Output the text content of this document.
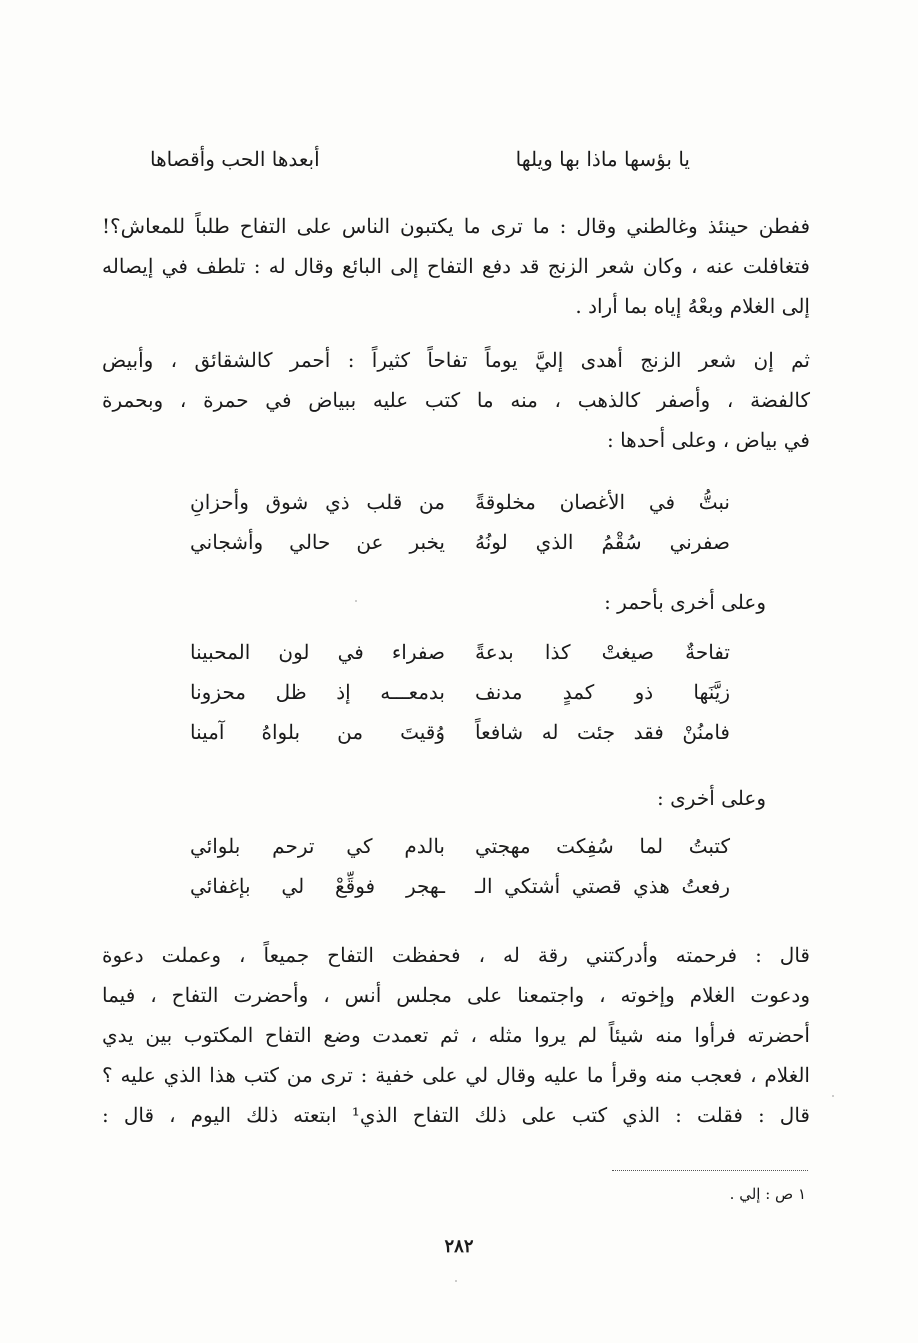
يا بؤسها ماذا بها ويلها
أبعدها الحب وأقصاها
ففطن حينئذ وغالطني وقال : ما ترى ما يكتبون الناس على التفاح طلباً للمعاش؟!
فتغافلت عنه ، وكان شعر الزنج قد دفع التفاح إلى البائع وقال له : تلطف في إيصاله
إلى الغلام وبعْهُ إياه بما أراد .
ثم إن شعر الزنج أهدى إليَّ يوماً تفاحاً كثيراً : أحمر كالشقائق ، وأبيض
كالفضة ، وأصفر كالذهب ، منه ما كتب عليه ببياض في حمرة ، وبحمرة
في بياض ، وعلى أحدها :
نبتُّ في الأغصان مخلوقةً
من قلب ذي شوق وأحزانِ
صفرني سُقْمُ الذي لونُهُ
يخبر عن حالي وأشجاني
وعلى أخرى بأحمر :
تفاحةٌ صيغتْ كذا بدعةً
صفراء في لون المحبينا
زيَّنَها ذو كمدٍ مدنف
بدمعـــه إذ ظل محزونا
فامنُنْ فقد جئت له شافعاً
وُقيتَ من بلواهُ آمينا
وعلى أخرى :
كتبتُ لما سُفِكت مهجتي
بالدم كي ترحم بلوائي
رفعتُ هذي قصتي أشتكي الـ
ـهجر فوقِّعْ لي بإغفائي
قال : فرحمته وأدركتني رقة له ، فحفظت التفاح جميعاً ، وعملت دعوة
ودعوت الغلام وإخوته ، واجتمعنا على مجلس أنس ، وأحضرت التفاح ، فيما
أحضرته فرأوا منه شيئاً لم يروا مثله ، ثم تعمدت وضع التفاح المكتوب بين يدي
الغلام ، فعجب منه وقرأ ما عليه وقال لي على خفية : ترى من كتب هذا الذي عليه ؟
قال : فقلت : الذي كتب على ذلك التفاح الذي¹ ابتعته ذلك اليوم ، قال :
١ ص : إلي .
٢٨٢
